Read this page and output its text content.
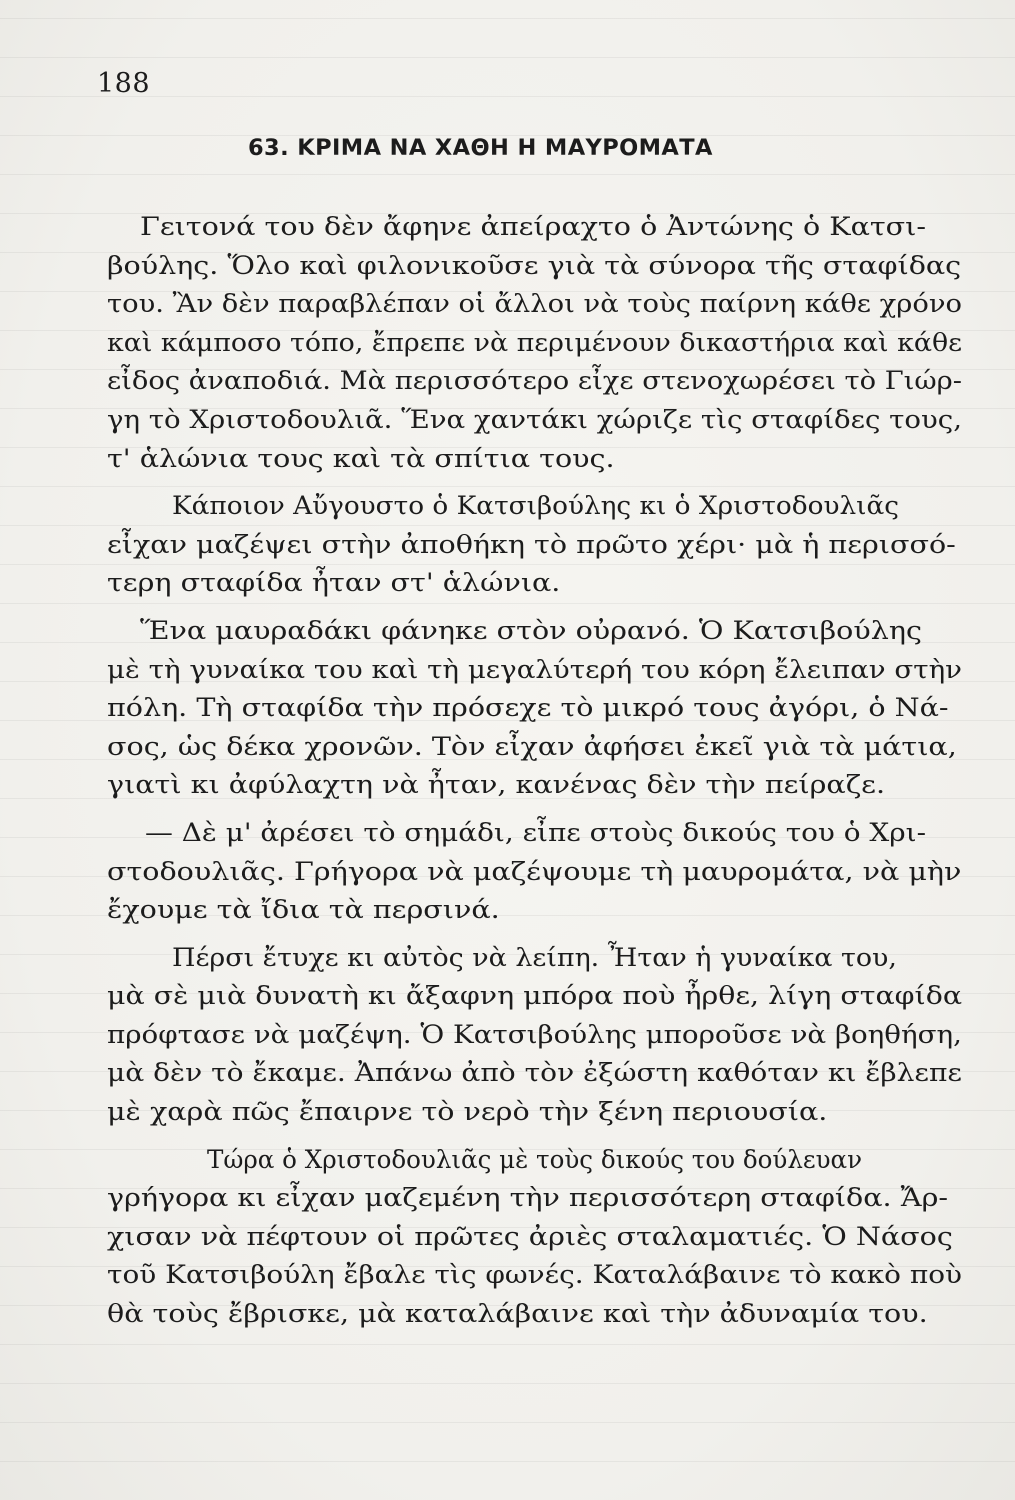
188
63. ΚΡΙΜΑ ΝΑ ΧΑΘΗ Η ΜΑΥΡΟΜΑΤΑ
Γειτονά του δὲν ἄφηνε ἀπείραχτο ὁ Ἀντώνης ὁ Κατσι-
βούλης. Ὅλο καὶ φιλονικοῦσε γιὰ τὰ σύνορα τῆς σταφίδας
του. Ἂν δὲν παραβλέπαν οἱ ἄλλοι νὰ τοὺς παίρνη κάθε χρόνο
καὶ κάμποσο τόπο, ἔπρεπε νὰ περιμένουν δικαστήρια καὶ κάθε
εἶδος ἀναποδιά. Μὰ περισσότερο εἶχε στενοχωρέσει τὸ Γιώρ-
γη τὸ Χριστοδουλιᾶ. Ἕνα χαντάκι χώριζε τὶς σταφίδες τους,
τ' ἁλώνια τους καὶ τὰ σπίτια τους.
Κάποιον Αὔγουστο ὁ Κατσιβούλης κι ὁ Χριστοδουλιᾶς
εἶχαν μαζέψει στὴν ἀποθήκη τὸ πρῶτο χέρι· μὰ ἡ περισσό-
τερη σταφίδα ἦταν στ' ἁλώνια.
Ἕνα μαυραδάκι φάνηκε στὸν οὐρανό. Ὁ Κατσιβούλης
μὲ τὴ γυναίκα του καὶ τὴ μεγαλύτερή του κόρη ἔλειπαν στὴν
πόλη. Τὴ σταφίδα τὴν πρόσεχε τὸ μικρό τους ἀγόρι, ὁ Νά-
σος, ὡς δέκα χρονῶν. Τὸν εἶχαν ἀφήσει ἐκεῖ γιὰ τὰ μάτια,
γιατὶ κι ἀφύλαχτη νὰ ἦταν, κανένας δὲν τὴν πείραζε.
— Δὲ μ' ἀρέσει τὸ σημάδι, εἶπε στοὺς δικούς του ὁ Χρι-
στοδουλιᾶς. Γρήγορα νὰ μαζέψουμε τὴ μαυρομάτα, νὰ μὴν
ἔχουμε τὰ ἴδια τὰ περσινά.
Πέρσι ἔτυχε κι αὐτὸς νὰ λείπη. Ἦταν ἡ γυναίκα του,
μὰ σὲ μιὰ δυνατὴ κι ἄξαφνη μπόρα ποὺ ἦρθε, λίγη σταφίδα
πρόφτασε νὰ μαζέψη. Ὁ Κατσιβούλης μποροῦσε νὰ βοηθήση,
μὰ δὲν τὸ ἔκαμε. Ἀπάνω ἀπὸ τὸν ἐξώστη καθόταν κι ἔβλεπε
μὲ χαρὰ πῶς ἔπαιρνε τὸ νερὸ τὴν ξένη περιουσία.
Τώρα ὁ Χριστοδουλιᾶς μὲ τοὺς δικούς του δούλευαν
γρήγορα κι εἶχαν μαζεμένη τὴν περισσότερη σταφίδα. Ἄρ-
χισαν νὰ πέφτουν οἱ πρῶτες ἀριὲς σταλαματιές. Ὁ Νάσος
τοῦ Κατσιβούλη ἔβαλε τὶς φωνές. Καταλάβαινε τὸ κακὸ ποὺ
θὰ τοὺς ἔβρισκε, μὰ καταλάβαινε καὶ τὴν ἀδυναμία του.
